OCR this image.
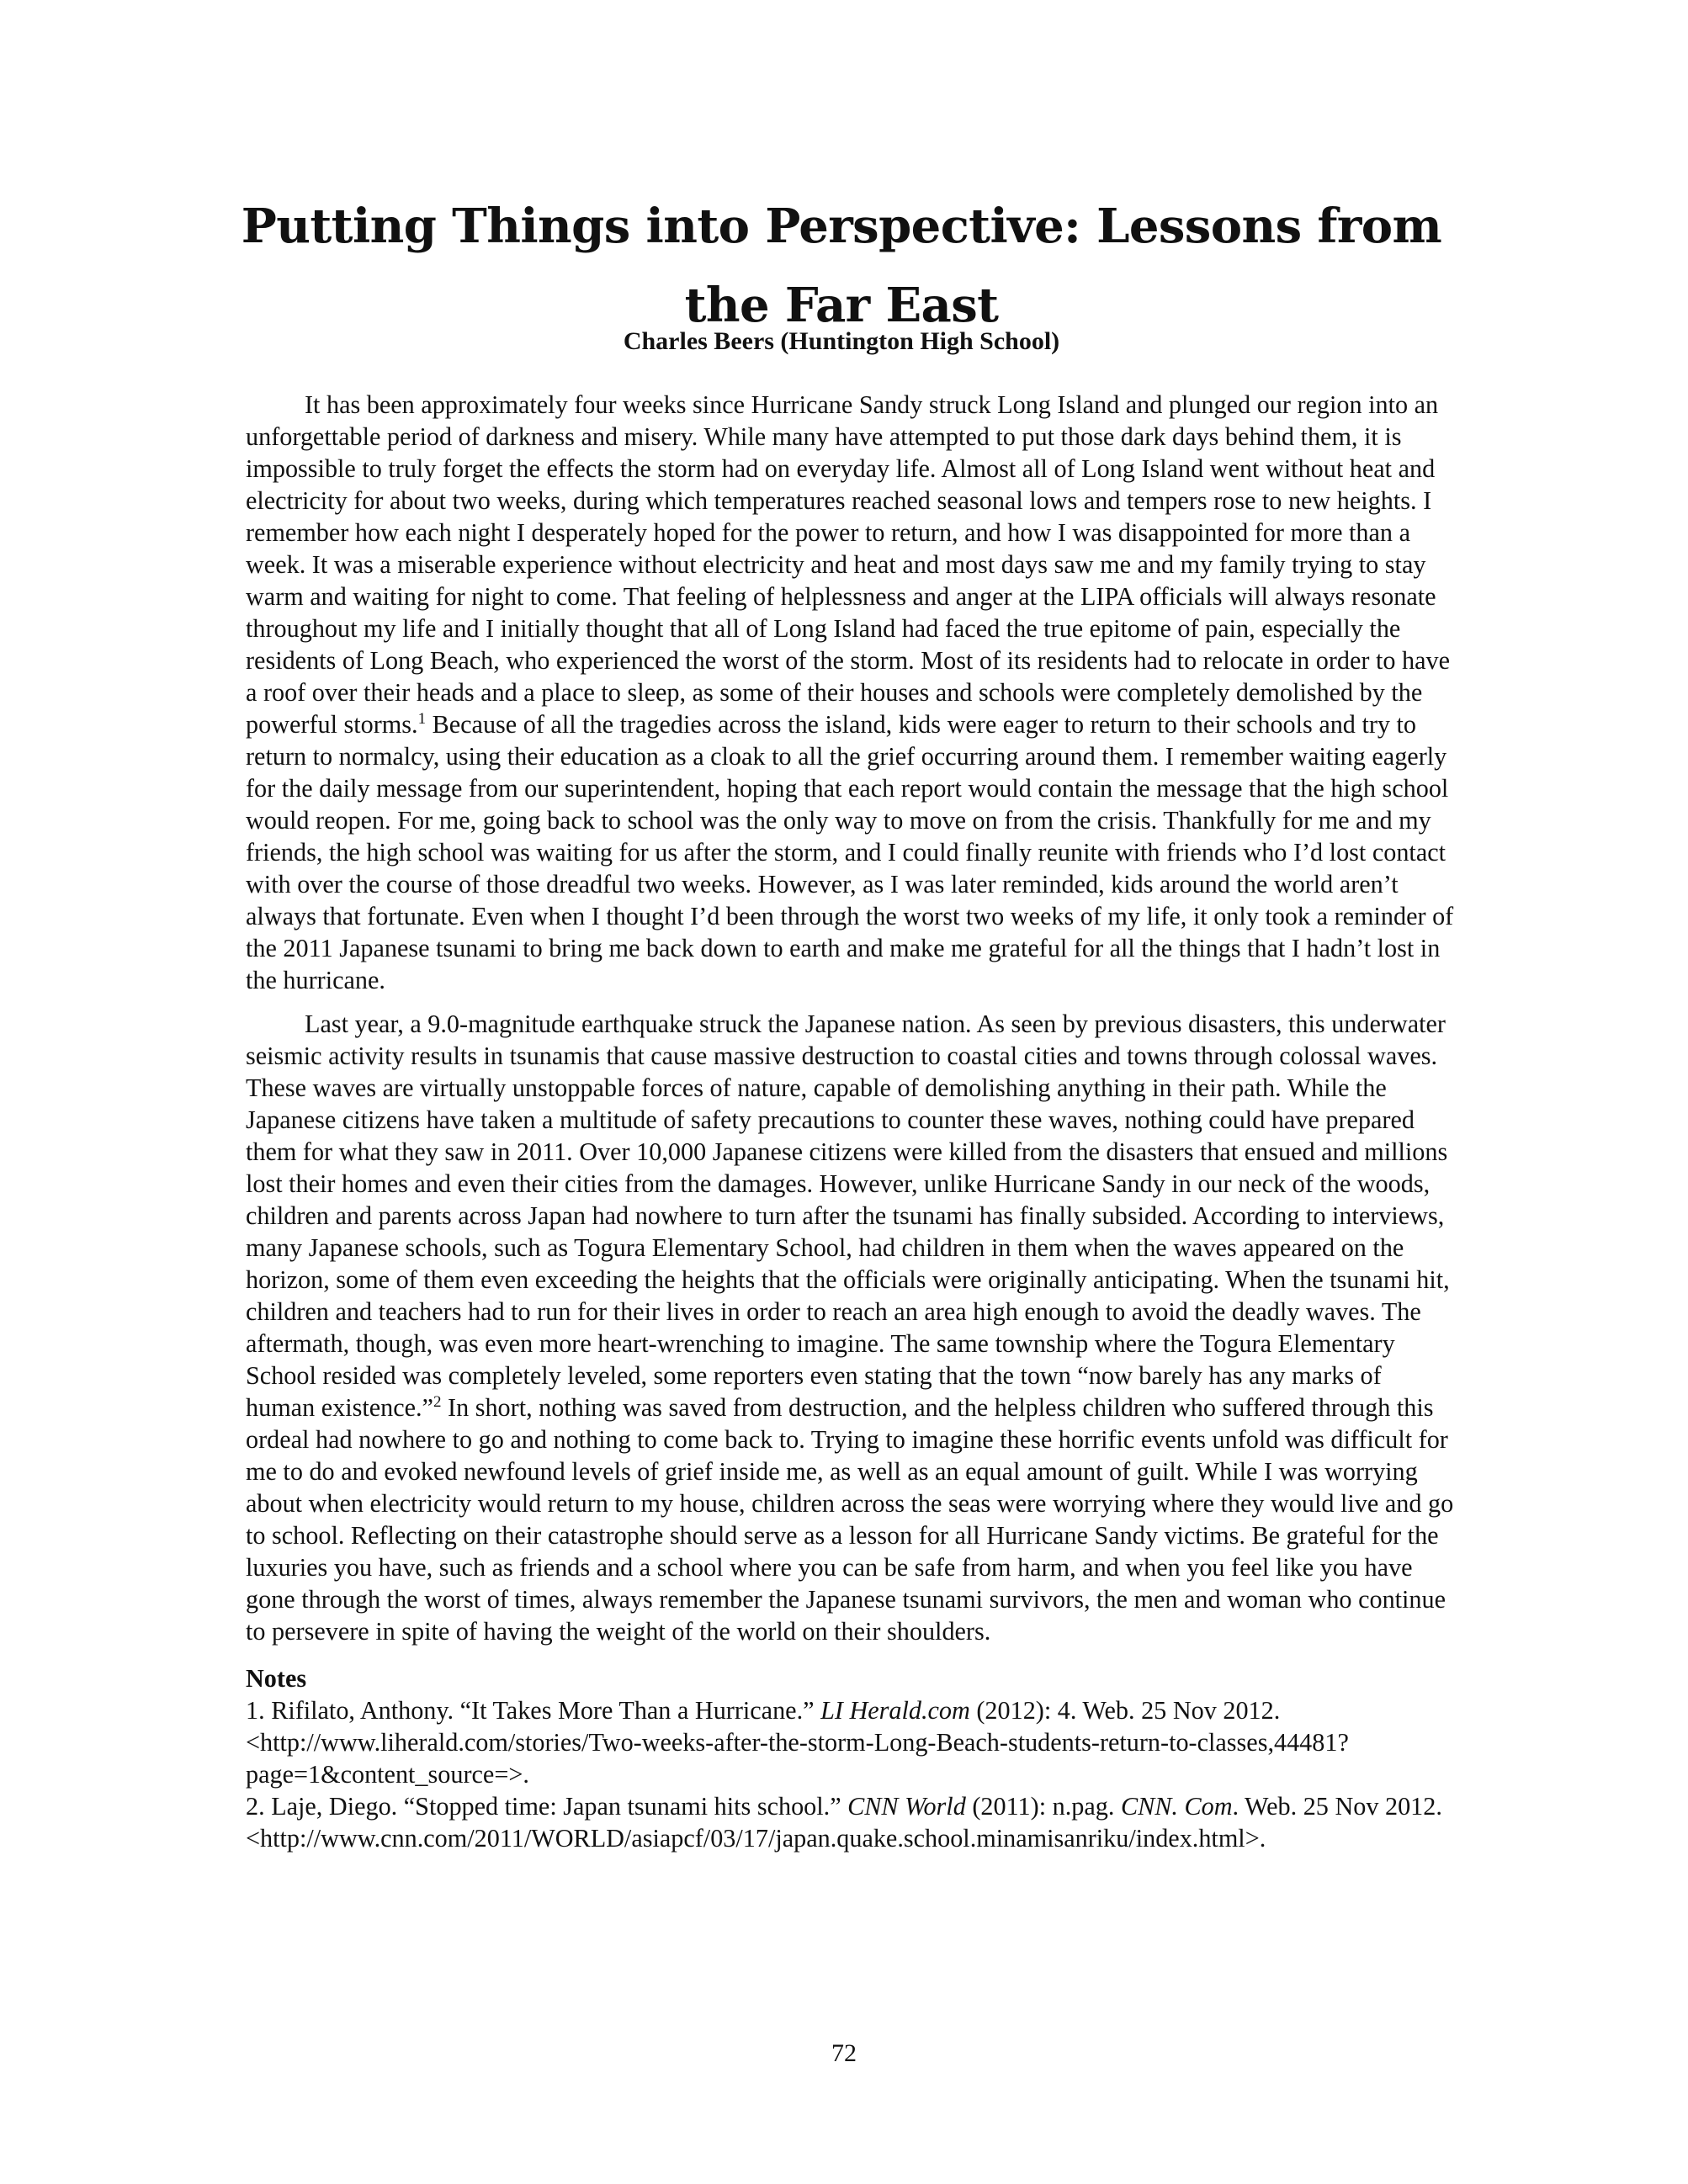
Putting Things into Perspective: Lessons from the Far East

Charles Beers (Huntington High School)

It has been approximately four weeks since Hurricane Sandy struck Long Island and plunged our region into an unforgettable period of darkness and misery. While many have attempted to put those dark days behind them, it is impossible to truly forget the effects the storm had on everyday life. Almost all of Long Island went without heat and electricity for about two weeks, during which temperatures reached seasonal lows and tempers rose to new heights. I remember how each night I desperately hoped for the power to return, and how I was disappointed for more than a week. It was a miserable experience without electricity and heat and most days saw me and my family trying to stay warm and waiting for night to come. That feeling of helplessness and anger at the LIPA officials will always resonate throughout my life and I initially thought that all of Long Island had faced the true epitome of pain, especially the residents of Long Beach, who experienced the worst of the storm. Most of its residents had to relocate in order to have a roof over their heads and a place to sleep, as some of their houses and schools were completely demolished by the powerful storms.$^1$ Because of all the tragedies across the island, kids were eager to return to their schools and try to return to normalcy, using their education as a cloak to all the grief occurring around them. I remember waiting eagerly for the daily message from our superintendent, hoping that each report would contain the message that the high school would reopen. For me, going back to school was the only way to move on from the crisis. Thankfully for me and my friends, the high school was waiting for us after the storm, and I could finally reunite with friends who I’d lost contact with over the course of those dreadful two weeks. However, as I was later reminded, kids around the world aren’t always that fortunate. Even when I thought I’d been through the worst two weeks of my life, it only took a reminder of the 2011 Japanese tsunami to bring me back down to earth and make me grateful for all the things that I hadn’t lost in the hurricane.

Last year, a 9.0-magnitude earthquake struck the Japanese nation. As seen by previous disasters, this underwater seismic activity results in tsunamis that cause massive destruction to coastal cities and towns through colossal waves. These waves are virtually unstoppable forces of nature, capable of demolishing anything in their path. While the Japanese citizens have taken a multitude of safety precautions to counter these waves, nothing could have prepared them for what they saw in 2011. Over 10,000 Japanese citizens were killed from the disasters that ensued and millions lost their homes and even their cities from the damages. However, unlike Hurricane Sandy in our neck of the woods, children and parents across Japan had nowhere to turn after the tsunami has finally subsided. According to interviews, many Japanese schools, such as Togura Elementary School, had children in them when the waves appeared on the horizon, some of them even exceeding the heights that the officials were originally anticipating. When the tsunami hit, children and teachers had to run for their lives in order to reach an area high enough to avoid the deadly waves. The aftermath, though, was even more heart-wrenching to imagine. The same township where the Togura Elementary School resided was completely leveled, some reporters even stating that the town “now barely has any marks of human existence.”$^2$ In short, nothing was saved from destruction, and the helpless children who suffered through this ordeal had nowhere to go and nothing to come back to. Trying to imagine these horrific events unfold was difficult for me to do and evoked newfound levels of grief inside me, as well as an equal amount of guilt. While I was worrying about when electricity would return to my house, children across the seas were worrying where they would live and go to school. Reflecting on their catastrophe should serve as a lesson for all Hurricane Sandy victims. Be grateful for the luxuries you have, such as friends and a school where you can be safe from harm, and when you feel like you have gone through the worst of times, always remember the Japanese tsunami survivors, the men and woman who continue to persevere in spite of having the weight of the world on their shoulders.

Notes

1. Rifilato, Anthony. “It Takes More Than a Hurricane.” LI Herald.com (2012): 4. Web. 25 Nov 2012. <http://www.liherald.com/stories/Two-weeks-after-the-storm-Long-Beach-students-return-to-classes,44481?page=1&content_source=>.

2. Laje, Diego. “Stopped time: Japan tsunami hits school.” CNN World (2011): n.pag. CNN. Com. Web. 25 Nov 2012. <http://www.cnn.com/2011/WORLD/asiapcf/03/17/japan.quake.school.minamisanriku/index.html>.

72
